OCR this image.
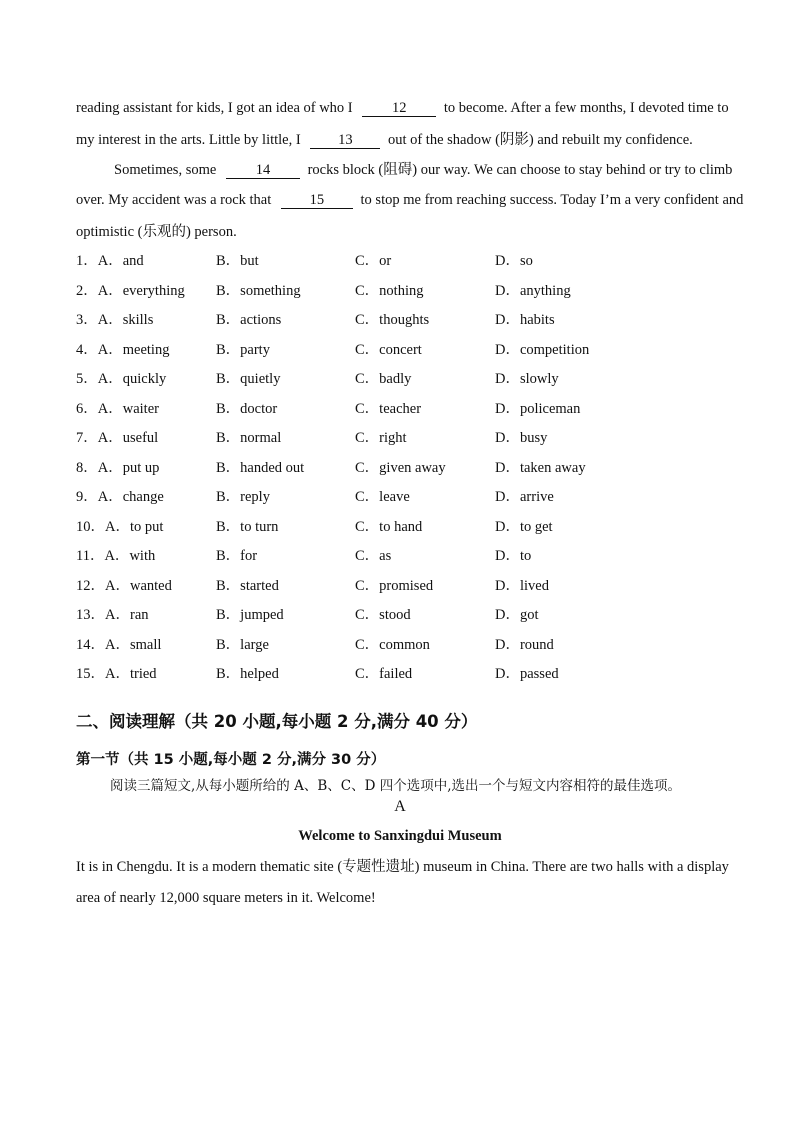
reading assistant for kids, I got an idea of who I	12	to become. After a few months, I devoted time to
my interest in the arts. Little by little, I	13 out of the shadow (阴影) and rebuilt my confidence.
Sometimes, some	14	rocks block (阻碍) our way. We can choose to stay behind or try to climb
over. My accident was a rock that	15	to stop me from reaching success. Today I’m a very confident and
optimistic (乐观的) person.
1．A．and	B．but	C．or	D．so
2．A．everything B．something	C．nothing	D．anything
3．A．skills	B．actions	C．thoughts	D．habits
4．A．meeting	B．party	C．concert	D．competition
5．A．quickly	B．quietly	C．badly	D．slowly
6．A．waiter	B．doctor	C．teacher	D．policeman
7．A．useful	B．normal	C．right	D．busy
8．A．put up	B．handed out	C．given away	D．taken away
9．A．change	B．reply	C．leave	D．arrive
10．A．to put	B．to turn	C．to hand	D．to get
11．A．with	B．for	C．as	D．to
12．A．wanted	B．started	C．promised	D．lived
13．A．ran	B．jumped	C．stood	D．got
14．A．small	B．large	C．common	D．round
15．A．tried	B．helped	C．failed	D．passed
二、阅读理解（共 20 小题,每小题 2 分,满分 40 分）
第一节（共 15 小题,每小题 2 分,满分 30 分）
阅读三篇短文,从每小题所给的 A、B、C、D 四个选项中,选出一个与短文内容相符的最佳选项。
A
Welcome to Sanxingdui Museum
It is in Chengdu. It is a modern thematic site (专题性遗址) museum in China. There are two halls with a display
area of nearly 12,000 square meters in it. Welcome!
